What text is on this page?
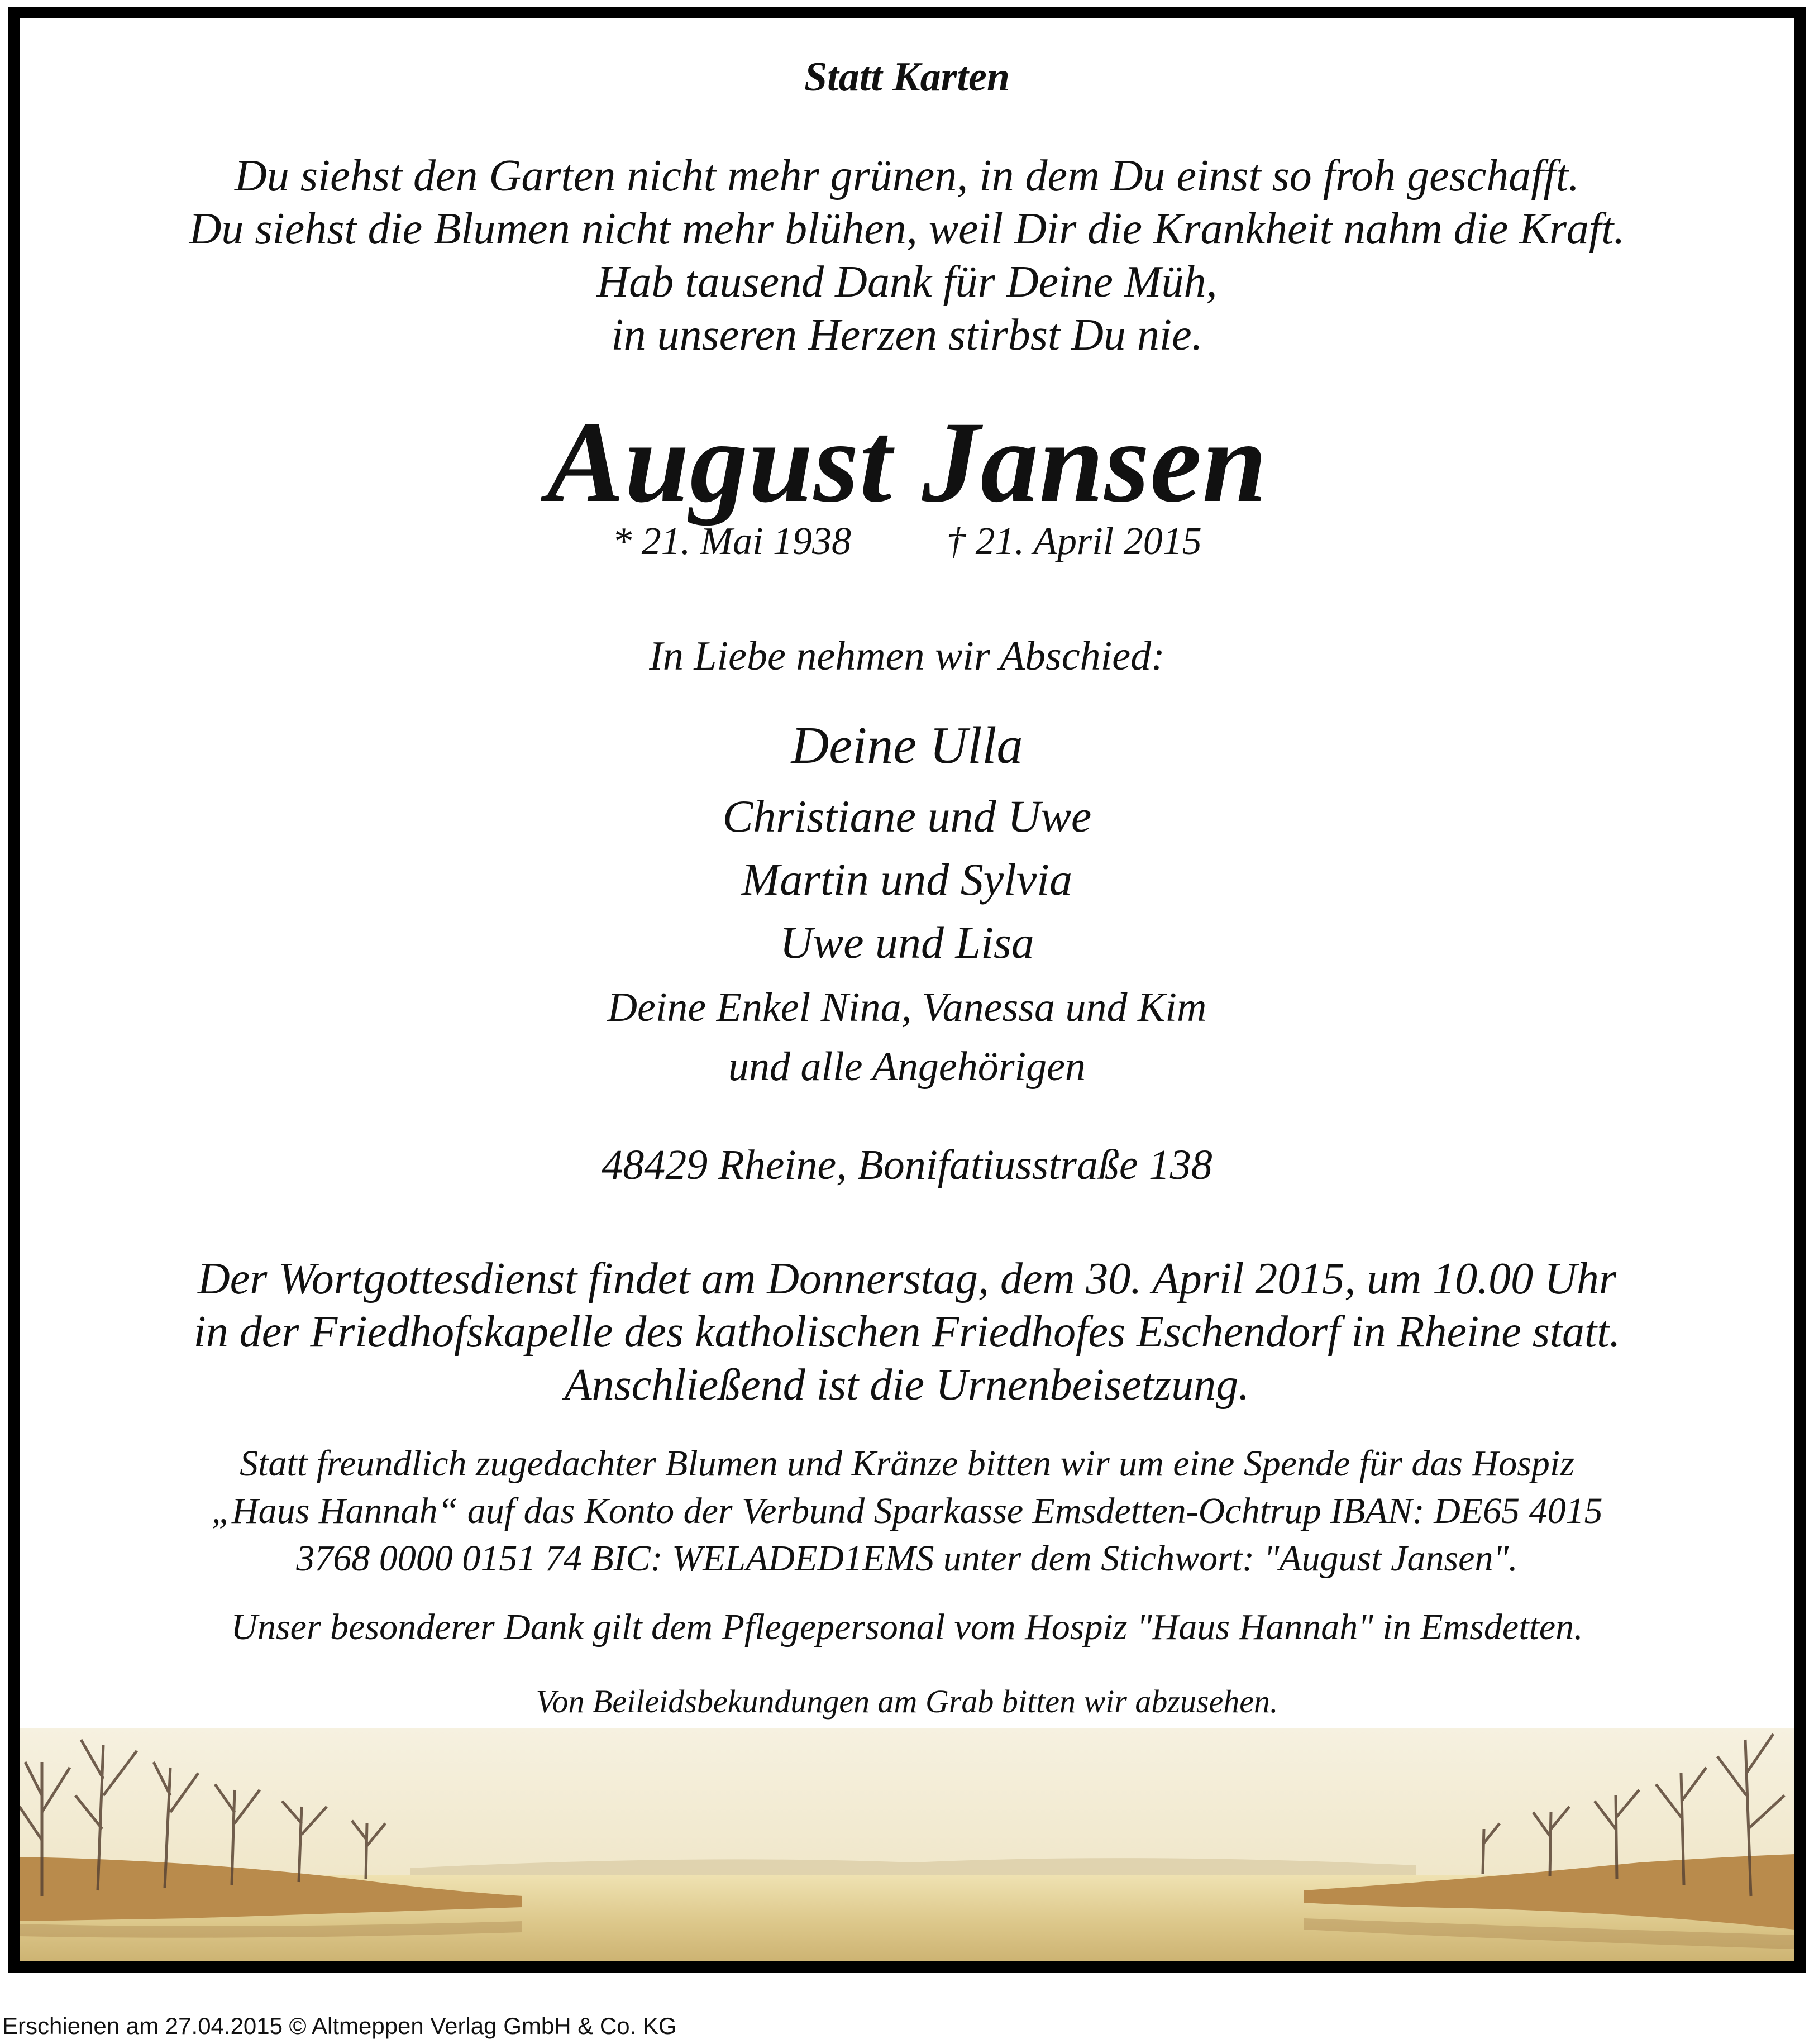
Statt Karten
Du siehst den Garten nicht mehr grünen, in dem Du einst so froh geschafft.
Du siehst die Blumen nicht mehr blühen, weil Dir die Krankheit nahm die Kraft.
Hab tausend Dank für Deine Müh,
in unseren Herzen stirbst Du nie.
August Jansen
* 21. Mai 1938 † 21. April 2015
In Liebe nehmen wir Abschied:
Deine Ulla
Christiane und Uwe
Martin und Sylvia
Uwe und Lisa
Deine Enkel Nina, Vanessa und Kim
und alle Angehörigen
48429 Rheine, Bonifatiusstraße 138
Der Wortgottesdienst findet am Donnerstag, dem 30. April 2015, um 10.00 Uhr
in der Friedhofskapelle des katholischen Friedhofes Eschendorf in Rheine statt.
Anschließend ist die Urnenbeisetzung.
Statt freundlich zugedachter Blumen und Kränze bitten wir um eine Spende für das Hospiz
„Haus Hannah“ auf das Konto der Verbund Sparkasse Emsdetten-Ochtrup IBAN: DE65 4015
3768 0000 0151 74 BIC: WELADED1EMS unter dem Stichwort: "August Jansen".
Unser besonderer Dank gilt dem Pflegepersonal vom Hospiz "Haus Hannah" in Emsdetten.
Von Beileidsbekundungen am Grab bitten wir abzusehen.
Erschienen am 27.04.2015 © Altmeppen Verlag GmbH & Co. KG
